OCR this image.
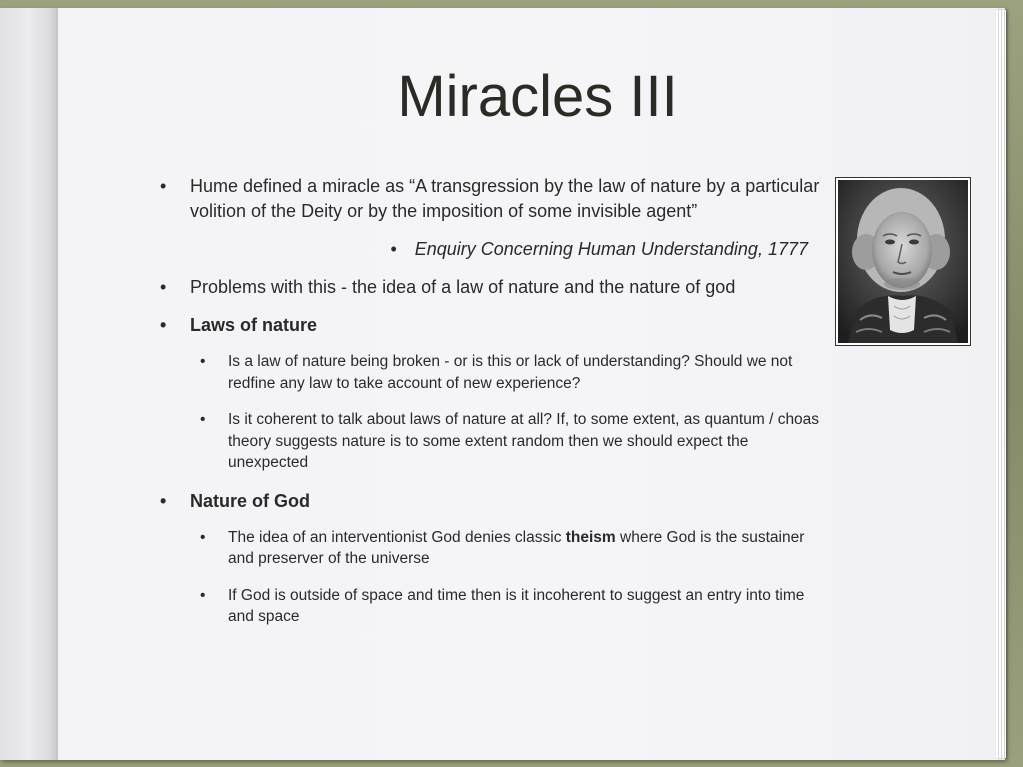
Miracles III
• Hume defined a miracle as “A transgression by the law of nature by a particular volition of the Deity or by the imposition of some invisible agent”
• Enquiry Concerning Human Understanding, 1777
• Problems with this - the idea of a law of nature and the nature of god
• Laws of nature
• Is a law of nature being broken - or is this or lack of understanding? Should we not redfine any law to take account of new experience?
• Is it coherent to talk about laws of nature at all? If, to some extent, as quantum / choas theory suggests nature is to some extent random then we should expect the unexpected
• Nature of God
• The idea of an interventionist God denies classic theism where God is the sustainer and preserver of the universe
• If God is outside of space and time then is it incoherent to suggest an entry into time and space
